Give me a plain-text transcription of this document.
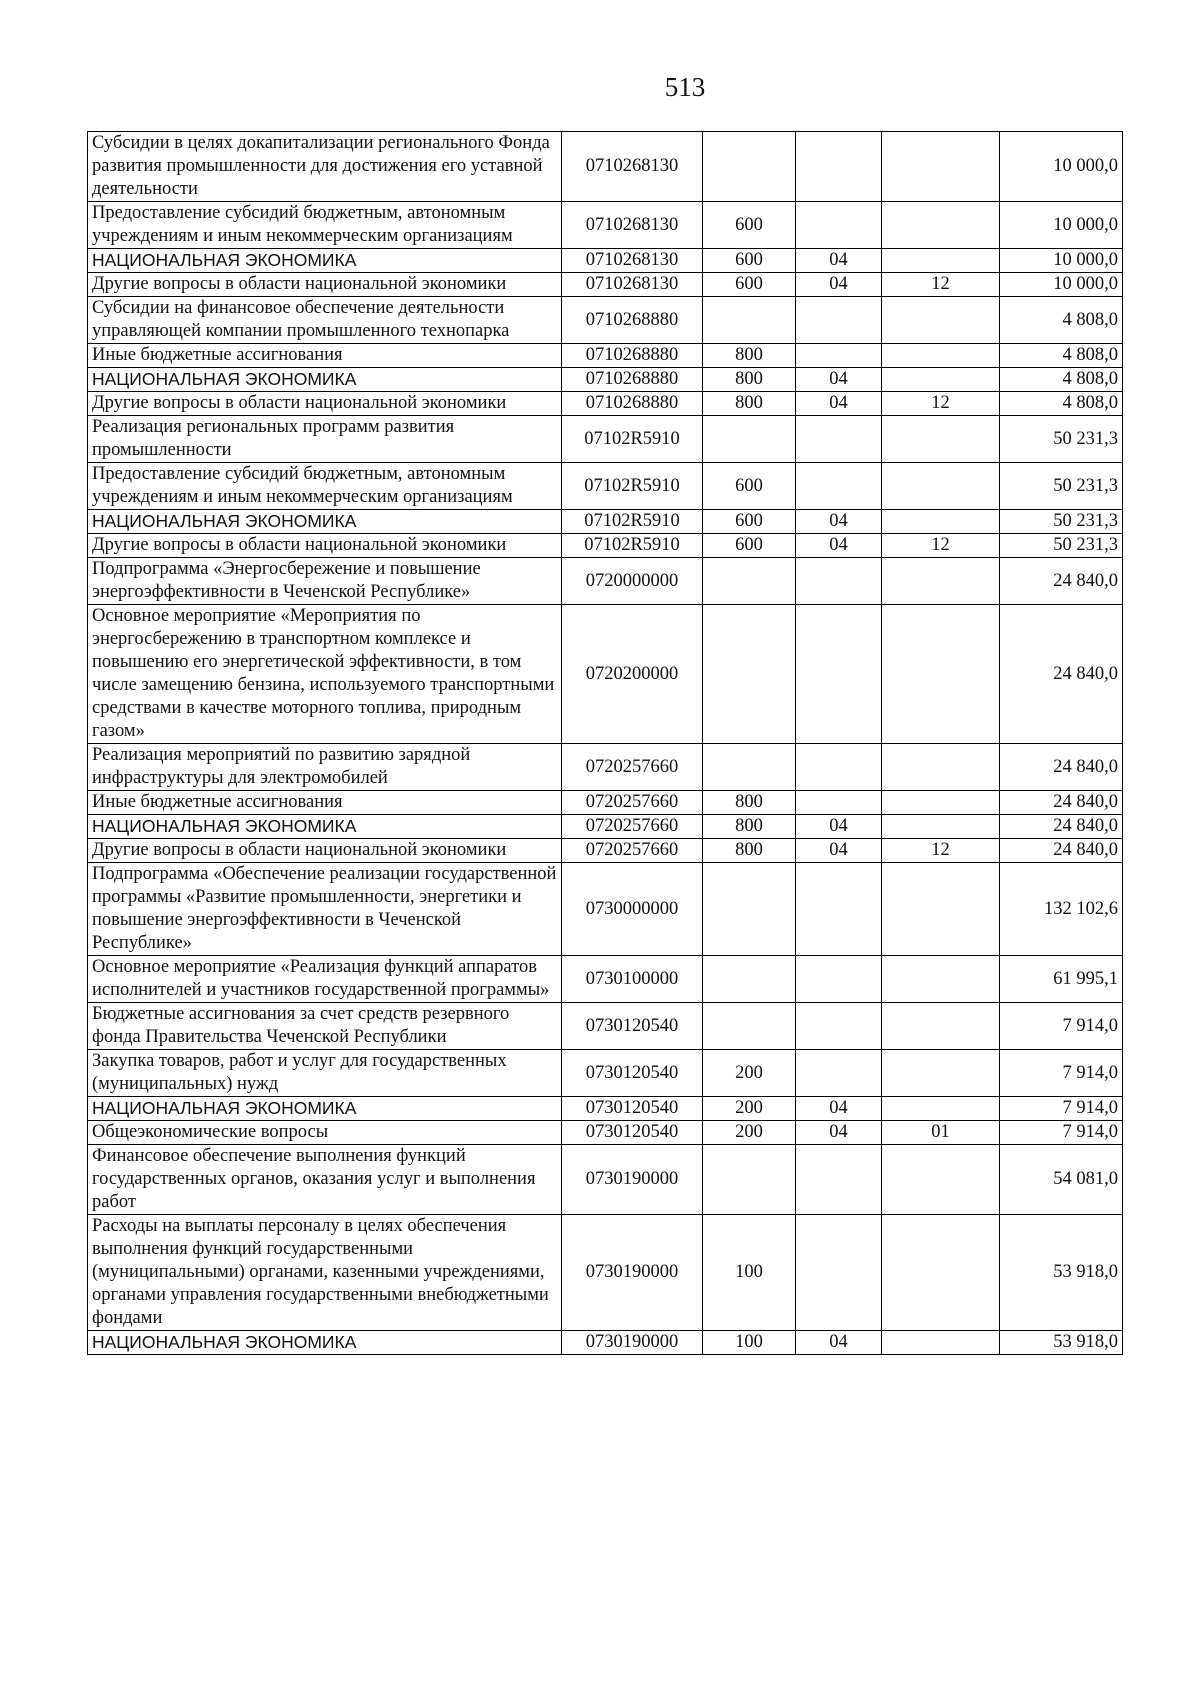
513
Субсидии в целях докапитализации регионального Фонда развития промышленности для достижения его уставной деятельности	0710268130				10 000,0
Предоставление субсидий бюджетным, автономным учреждениям и иным некоммерческим организациям	0710268130	600			10 000,0
НАЦИОНАЛЬНАЯ ЭКОНОМИКА	0710268130	600	04		10 000,0
Другие вопросы в области национальной экономики	0710268130	600	04	12	10 000,0
Субсидии на финансовое обеспечение деятельности управляющей компании промышленного технопарка	0710268880				4 808,0
Иные бюджетные ассигнования	0710268880	800			4 808,0
НАЦИОНАЛЬНАЯ ЭКОНОМИКА	0710268880	800	04		4 808,0
Другие вопросы в области национальной экономики	0710268880	800	04	12	4 808,0
Реализация региональных программ развития промышленности	07102R5910				50 231,3
Предоставление субсидий бюджетным, автономным учреждениям и иным некоммерческим организациям	07102R5910	600			50 231,3
НАЦИОНАЛЬНАЯ ЭКОНОМИКА	07102R5910	600	04		50 231,3
Другие вопросы в области национальной экономики	07102R5910	600	04	12	50 231,3
Подпрограмма «Энергосбережение и повышение энергоэффективности в Чеченской Республике»	0720000000				24 840,0
Основное мероприятие «Мероприятия по энергосбережению в транспортном комплексе и повышению его энергетической эффективности, в том числе замещению бензина, используемого транспортными средствами в качестве моторного топлива, природным газом»	0720200000				24 840,0
Реализация мероприятий по развитию зарядной инфраструктуры для электромобилей	0720257660				24 840,0
Иные бюджетные ассигнования	0720257660	800			24 840,0
НАЦИОНАЛЬНАЯ ЭКОНОМИКА	0720257660	800	04		24 840,0
Другие вопросы в области национальной экономики	0720257660	800	04	12	24 840,0
Подпрограмма «Обеспечение реализации государственной программы «Развитие промышленности, энергетики и повышение энергоэффективности в Чеченской Республике»	0730000000				132 102,6
Основное мероприятие «Реализация функций аппаратов исполнителей и участников государственной программы»	0730100000				61 995,1
Бюджетные ассигнования за счет средств резервного фонда Правительства Чеченской Республики	0730120540				7 914,0
Закупка товаров, работ и услуг для государственных (муниципальных) нужд	0730120540	200			7 914,0
НАЦИОНАЛЬНАЯ ЭКОНОМИКА	0730120540	200	04		7 914,0
Общеэкономические вопросы	0730120540	200	04	01	7 914,0
Финансовое обеспечение выполнения функций государственных органов, оказания услуг и выполнения работ	0730190000				54 081,0
Расходы на выплаты персоналу в целях обеспечения выполнения функций государственными (муниципальными) органами, казенными учреждениями, органами управления государственными внебюджетными фондами	0730190000	100			53 918,0
НАЦИОНАЛЬНАЯ ЭКОНОМИКА	0730190000	100	04		53 918,0
